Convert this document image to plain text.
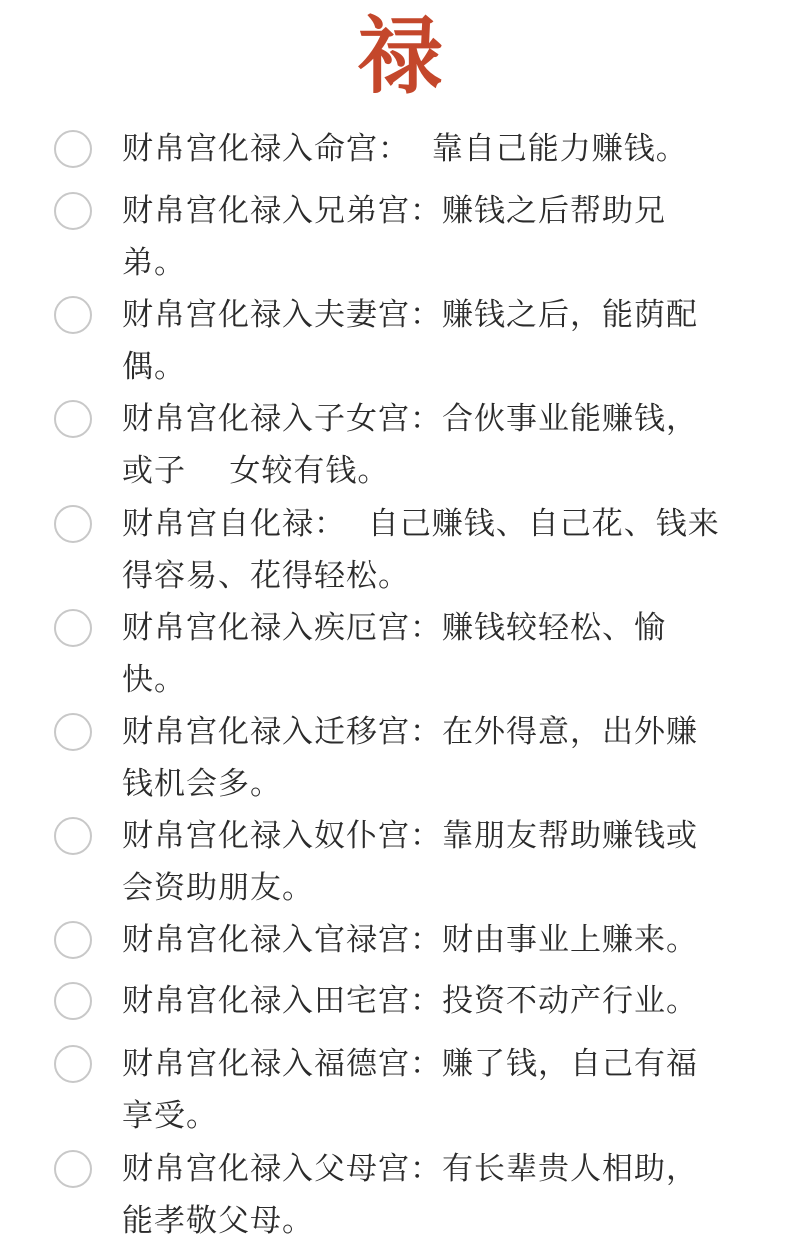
禄
财帛宫化禄入命宫：  靠自己能力赚钱。
财帛宫化禄入兄弟宫：赚钱之后帮助兄
弟。
财帛宫化禄入夫妻宫：赚钱之后，能荫配
偶。
财帛宫化禄入子女宫：合伙事业能赚钱，
或子    女较有钱。
财帛宫自化禄：  自己赚钱、自己花、钱来
得容易、花得轻松。
财帛宫化禄入疾厄宫：赚钱较轻松、愉
快。
财帛宫化禄入迁移宫：在外得意，出外赚
钱机会多。
财帛宫化禄入奴仆宫：靠朋友帮助赚钱或
会资助朋友。
财帛宫化禄入官禄宫：财由事业上赚来。
财帛宫化禄入田宅宫：投资不动产行业。
财帛宫化禄入福德宫：赚了钱，自己有福
享受。
财帛宫化禄入父母宫：有长辈贵人相助，
能孝敬父母。
